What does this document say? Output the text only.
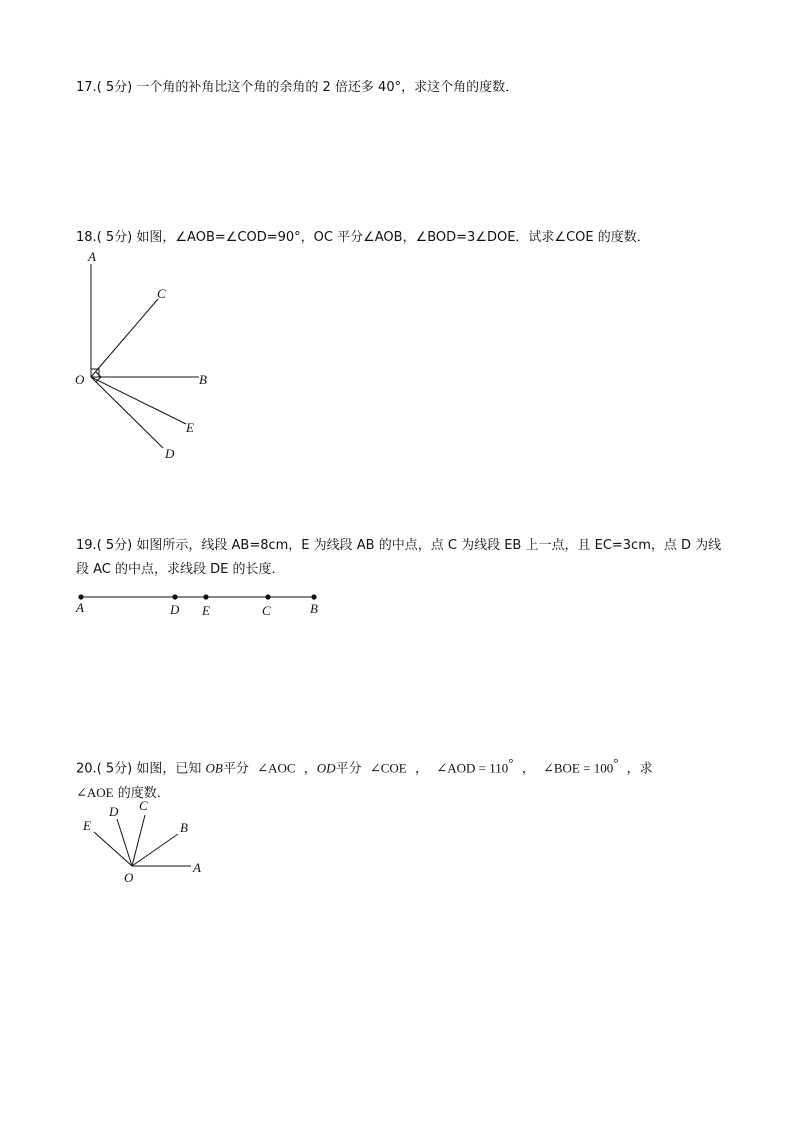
17.( 5分) 一个角的补角比这个角的余角的 2 倍还多 40°，求这个角的度数．

18.( 5分) 如图，∠AOB=∠COD=90°，OC 平分∠AOB，∠BOD=3∠DOE．试求∠COE 的度数．

A
C
O	B
E
D
A	D E	C	B
E
D C
B
O
A

19.( 5分) 如图所示，线段 AB=8cm，E 为线段 AB 的中点，点 C 为线段 EB 上一点，且 EC=3cm，点 D 为线

段 AC 的中点，求线段 DE 的长度．

20.( 5分) 如图，已知 OB平分 ∠AOC ，OD平分 ∠COE ， ∠AOD = 110° ， ∠BOE = 100° ，求

∠AOE 的度数．
